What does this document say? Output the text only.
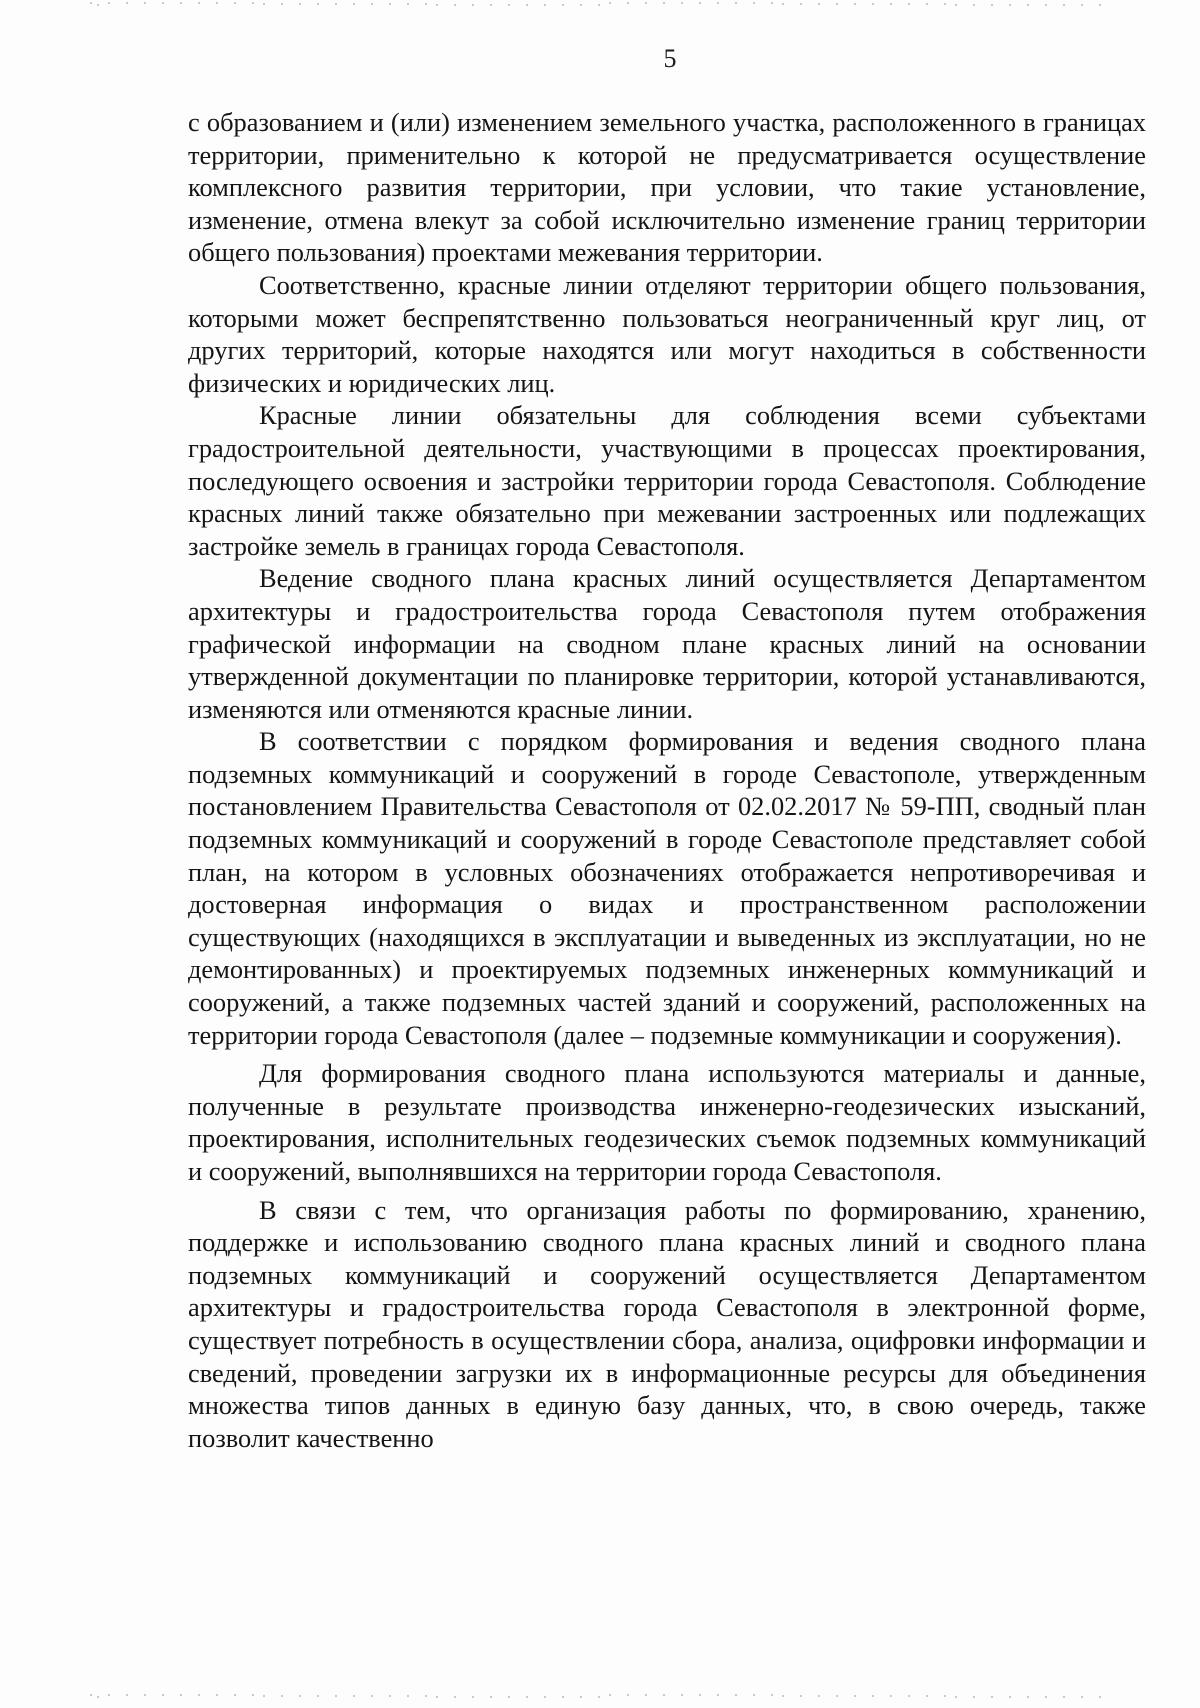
5

с образованием и (или) изменением земельного участка, расположенного в границах территории, применительно к которой не предусматривается осуществление комплексного развития территории, при условии, что такие установление, изменение, отмена влекут за собой исключительно изменение границ территории общего пользования) проектами межевания территории.

Соответственно, красные линии отделяют территории общего пользования, которыми может беспрепятственно пользоваться неограниченный круг лиц, от других территорий, которые находятся или могут находиться в собственности физических и юридических лиц.

Красные линии обязательны для соблюдения всеми субъектами градостроительной деятельности, участвующими в процессах проектирования, последующего освоения и застройки территории города Севастополя. Соблюдение красных линий также обязательно при межевании застроенных или подлежащих застройке земель в границах города Севастополя.

Ведение сводного плана красных линий осуществляется Департаментом архитектуры и градостроительства города Севастополя путем отображения графической информации на сводном плане красных линий на основании утвержденной документации по планировке территории, которой устанавливаются, изменяются или отменяются красные линии.

В соответствии с порядком формирования и ведения сводного плана подземных коммуникаций и сооружений в городе Севастополе, утвержденным постановлением Правительства Севастополя от 02.02.2017 № 59-ПП, сводный план подземных коммуникаций и сооружений в городе Севастополе представляет собой план, на котором в условных обозначениях отображается непротиворечивая и достоверная информация о видах и пространственном расположении существующих (находящихся в эксплуатации и выведенных из эксплуатации, но не демонтированных) и проектируемых подземных инженерных коммуникаций и сооружений, а также подземных частей зданий и сооружений, расположенных на территории города Севастополя (далее – подземные коммуникации и сооружения).

Для формирования сводного плана используются материалы и данные, полученные в результате производства инженерно-геодезических изысканий, проектирования, исполнительных геодезических съемок подземных коммуникаций и сооружений, выполнявшихся на территории города Севастополя.

В связи с тем, что организация работы по формированию, хранению, поддержке и использованию сводного плана красных линий и сводного плана подземных коммуникаций и сооружений осуществляется Департаментом архитектуры и градостроительства города Севастополя в электронной форме, существует потребность в осуществлении сбора, анализа, оцифровки информации и сведений, проведении загрузки их в информационные ресурсы для объединения множества типов данных в единую базу данных, что, в свою очередь, также позволит качественно
